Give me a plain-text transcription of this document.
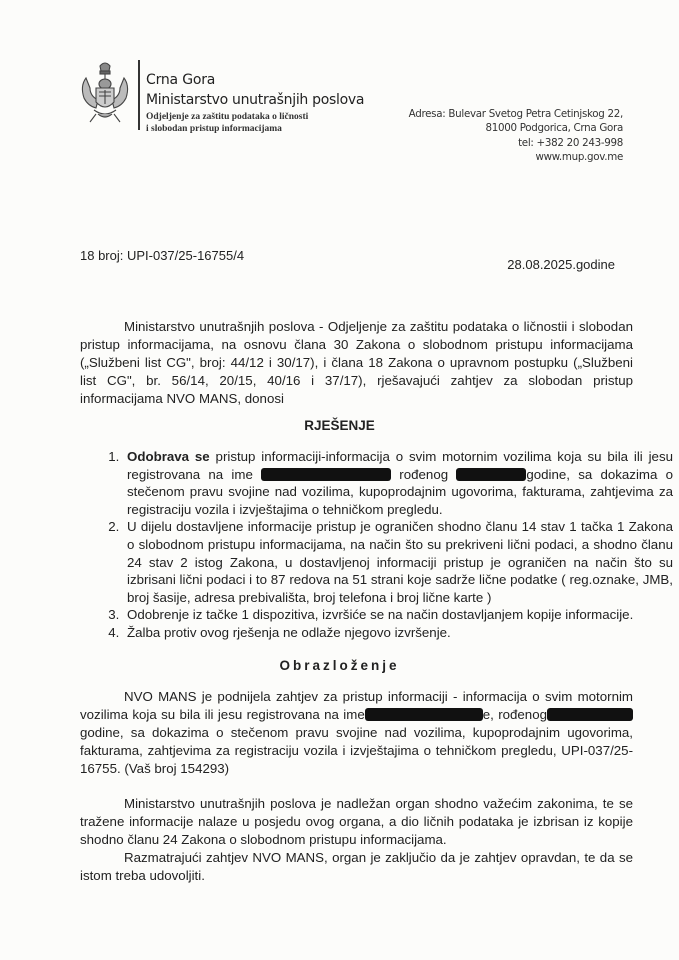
Crna Gora
Ministarstvo unutrašnjih poslova
Odjeljenje za zaštitu podataka o ličnosti
i slobodan pristup informacijama
Adresa: Bulevar Svetog Petra Cetinjskog 22,
81000 Podgorica, Crna Gora
tel: +382 20 243-998
www.mup.gov.me
18 broj: UPI-037/25-16755/4
28.08.2025.godine
Ministarstvo unutrašnjih poslova - Odjeljenje za zaštitu podataka o ličnostii i slobodan pristup informacijama, na osnovu člana 30 Zakona o slobodnom pristupu informacijama („Službeni list CG", broj: 44/12 i 30/17), i člana 18 Zakona o upravnom postupku („Službeni list CG", br. 56/14, 20/15, 40/16 i 37/17), rješavajući zahtjev za slobodan pristup informacijama NVO MANS, donosi
RJEŠENJE
1. Odobrava se pristup informaciji-informacija o svim motornim vozilima koja su bila ili jesu registrovana na ime	rođenog	godine, sa dokazima o stečenom pravu svojine nad vozilima, kupoprodajnim ugovorima, fakturama, zahtjevima za registraciju vozila i izvještajima o tehničkom pregledu.
2. U dijelu dostavljene informacije pristup je ograničen shodno članu 14 stav 1 tačka 1 Zakona o slobodnom pristupu informacijama, na način što su prekriveni lični podaci, a shodno članu 24 stav 2 istog Zakona, u dostavljenoj informaciji pristup je ograničen na način što su izbrisani lični podaci i to 87 redova na 51 strani koje sadrže lične podatke ( reg.oznake, JMB, broj šasije, adresa prebivališta, broj telefona i broj lične karte )
3. Odobrenje iz tačke 1 dispozitiva, izvršiće se na način dostavljanjem kopije informacije.
4. Žalba protiv ovog rješenja ne odlaže njegovo izvršenje.
Obrazloženje
NVO MANS je podnijela zahtjev za pristup informaciji - informacija o svim motornim vozilima koja su bila ili jesu registrovana na ime	e, rođenoggodine, sa dokazima o stečenom pravu svojine nad vozilima, kupoprodajnim ugovorima, fakturama, zahtjevima za registraciju vozila i izvještajima o tehničkom pregledu, UPI-037/25-16755. (Vaš broj 154293)
Ministarstvo unutrašnjih poslova je nadležan organ shodno važećim zakonima, te se tražene informacije nalaze u posjedu ovog organa, a dio ličnih podataka je izbrisan iz kopije shodno članu 24 Zakona o slobodnom pristupu informacijama.
Razmatrajući zahtjev NVO MANS, organ je zaključio da je zahtjev opravdan, te da se istom treba udovoljiti.
